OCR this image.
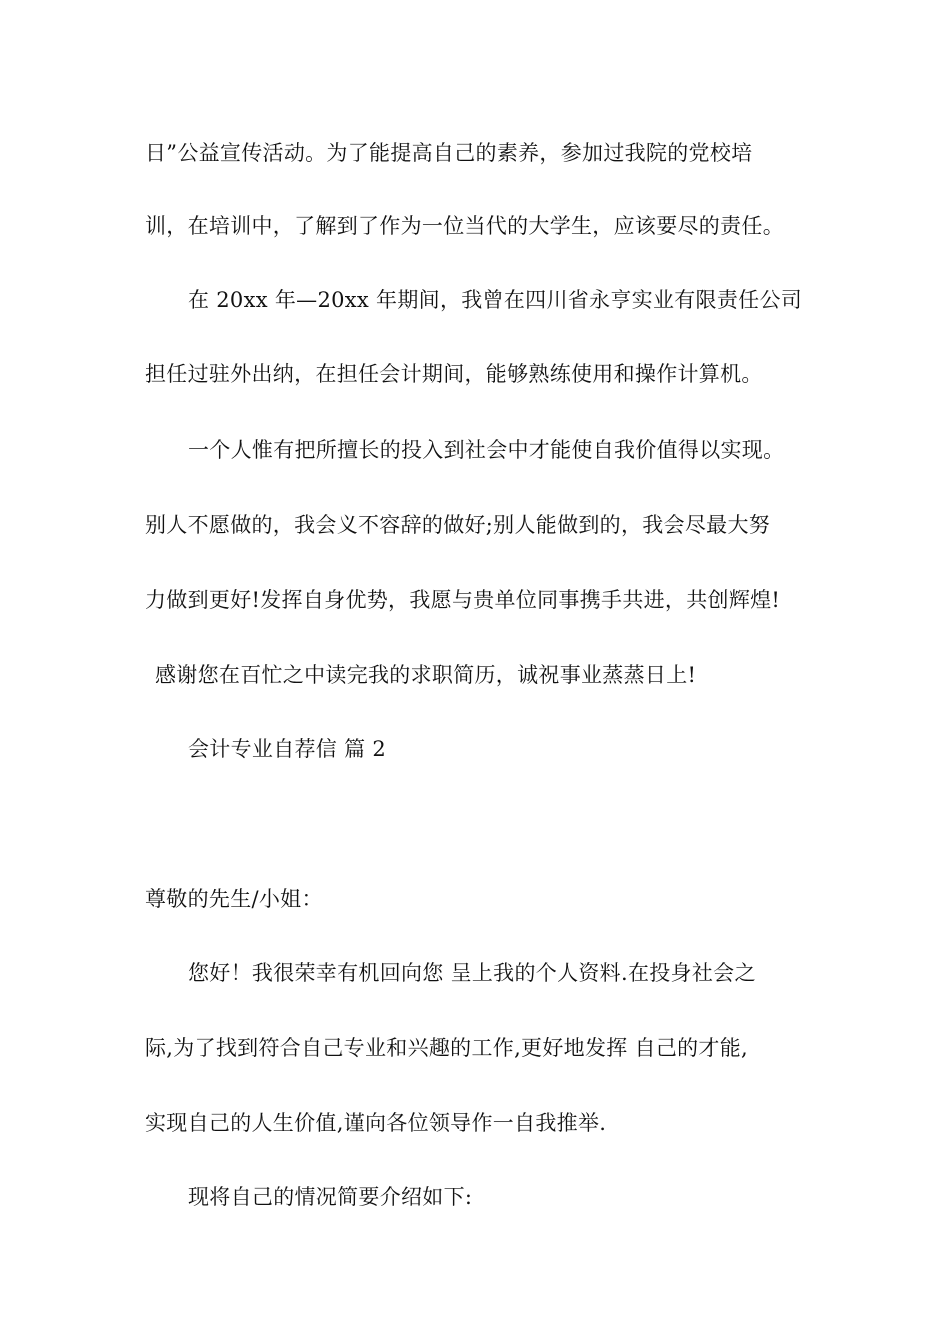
日”公益宣传活动。为了能提高自己的素养，参加过我院的党校培
训，在培训中，了解到了作为一位当代的大学生，应该要尽的责任。
在 20xx 年—20xx 年期间，我曾在四川省永亨实业有限责任公司
担任过驻外出纳，在担任会计期间，能够熟练使用和操作计算机。
一个人惟有把所擅长的投入到社会中才能使自我价值得以实现。
别人不愿做的，我会义不容辞的做好;别人能做到的，我会尽最大努
力做到更好!发挥自身优势，我愿与贵单位同事携手共进，共创辉煌!
感谢您在百忙之中读完我的求职简历，诚祝事业蒸蒸日上!
会计专业自荐信 篇 2
尊敬的先生/小姐：
您好！我很荣幸有机回向您 呈上我的个人资料.在投身社会之
际,为了找到符合自己专业和兴趣的工作,更好地发挥 自己的才能,
实现自己的人生价值,谨向各位领导作一自我推举.
现将自己的情况简要介绍如下:
